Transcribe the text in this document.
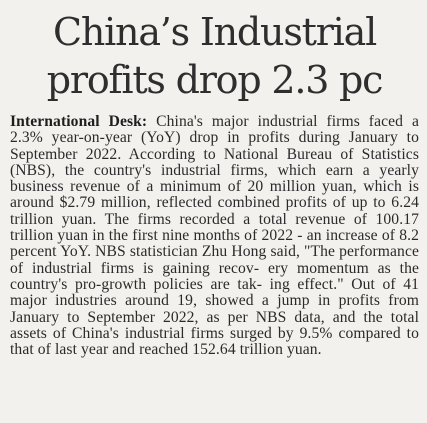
China’s Industrial
profits drop 2.3 pc

International Desk: China's major industrial firms faced a 2.3% year-on-year (YoY) drop in profits during January to September 2022. According to National Bureau of Statistics (NBS), the country's industrial firms, which earn a yearly business revenue of a minimum of 20 million yuan, which is around $2.79 million, reflected combined profits of up to 6.24 trillion yuan. The firms recorded a total revenue of 100.17 trillion yuan in the first nine months of 2022 - an increase of 8.2 percent YoY. NBS statistician Zhu Hong said, "The performance of industrial firms is gaining recov- ery momentum as the country's pro-growth policies are tak- ing effect." Out of 41 major industries around 19, showed a jump in profits from January to September 2022, as per NBS data, and the total assets of China's industrial firms surged by 9.5% compared to that of last year and reached 152.64 trillion yuan.
